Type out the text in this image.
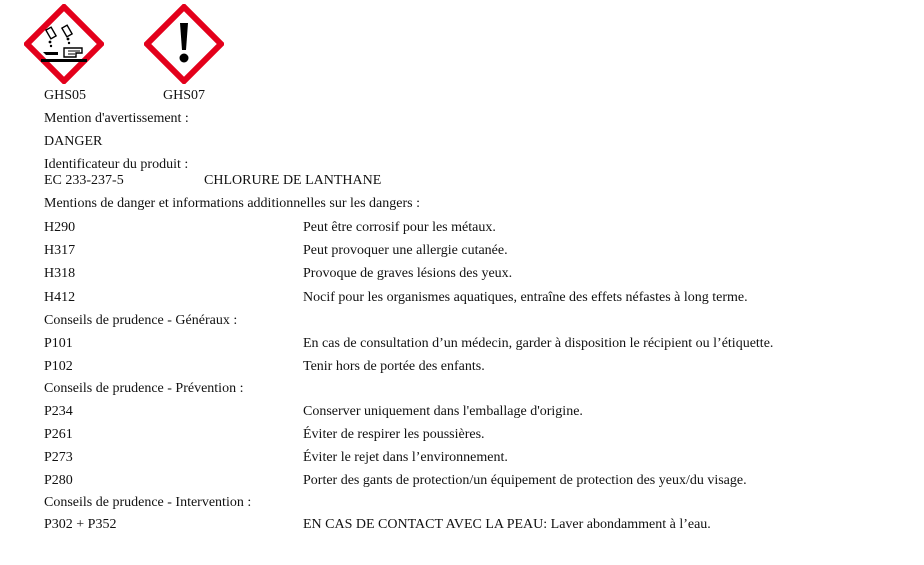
GHS05	GHS07
Mention d'avertissement :
DANGER
Identificateur du produit :
EC 233-237-5	CHLORURE DE LANTHANE
Mentions de danger et informations additionnelles sur les dangers :
H290	Peut être corrosif pour les métaux.
H317	Peut provoquer une allergie cutanée.
H318	Provoque de graves lésions des yeux.
H412	Nocif pour les organismes aquatiques, entraîne des effets néfastes à long terme.
Conseils de prudence - Généraux :
P101	En cas de consultation d’un médecin, garder à disposition le récipient ou l’étiquette.
P102	Tenir hors de portée des enfants.
Conseils de prudence - Prévention :
P234	Conserver uniquement dans l'emballage d'origine.
P261	Éviter de respirer les poussières.
P273	Éviter le rejet dans l’environnement.
P280	Porter des gants de protection/un équipement de protection des yeux/du visage.
Conseils de prudence - Intervention :
P302 + P352	EN CAS DE CONTACT AVEC LA PEAU: Laver abondamment à l’eau.
